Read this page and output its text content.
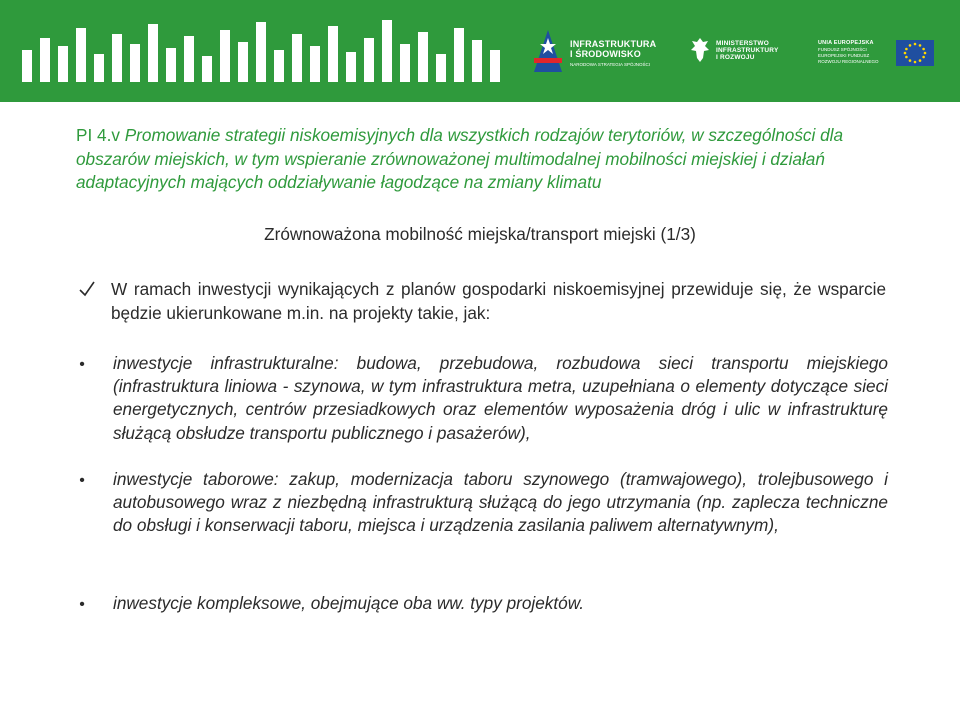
INFRASTRUKTURA
I ŚRODOWISKO
NARODOWA STRATEGIA SPÓJNOŚCI
MINISTERSTWO
INFRASTRUKTURY
I ROZWOJU
UNIA EUROPEJSKA
FUNDUSZ SPÓJNOŚCI
EUROPEJSKI FUNDUSZ
ROZWOJU REGIONALNEGO
PI 4.v Promowanie strategii niskoemisyjnych dla wszystkich rodzajów terytoriów, w szczególności dla obszarów miejskich, w tym wspieranie zrównoważonej multimodalnej mobilności miejskiej i działań adaptacyjnych mających oddziaływanie łagodzące na zmiany klimatu
Zrównoważona mobilność miejska/transport miejski (1/3)
W ramach inwestycji wynikających z planów gospodarki niskoemisyjnej przewiduje się, że wsparcie będzie ukierunkowane m.in. na projekty takie, jak:
• inwestycje infrastrukturalne: budowa, przebudowa, rozbudowa sieci transportu miejskiego (infrastruktura liniowa - szynowa, w tym infrastruktura metra, uzupełniana o elementy dotyczące sieci energetycznych, centrów przesiadkowych oraz elementów wyposażenia dróg i ulic w infrastrukturę służącą obsłudze transportu publicznego i pasażerów),
• inwestycje taborowe: zakup, modernizacja taboru szynowego (tramwajowego), trolejbusowego i autobusowego wraz z niezbędną infrastrukturą służącą do jego utrzymania (np. zaplecza techniczne do obsługi i konserwacji taboru, miejsca i urządzenia zasilania paliwem alternatywnym),
• inwestycje kompleksowe, obejmujące oba ww. typy projektów.
